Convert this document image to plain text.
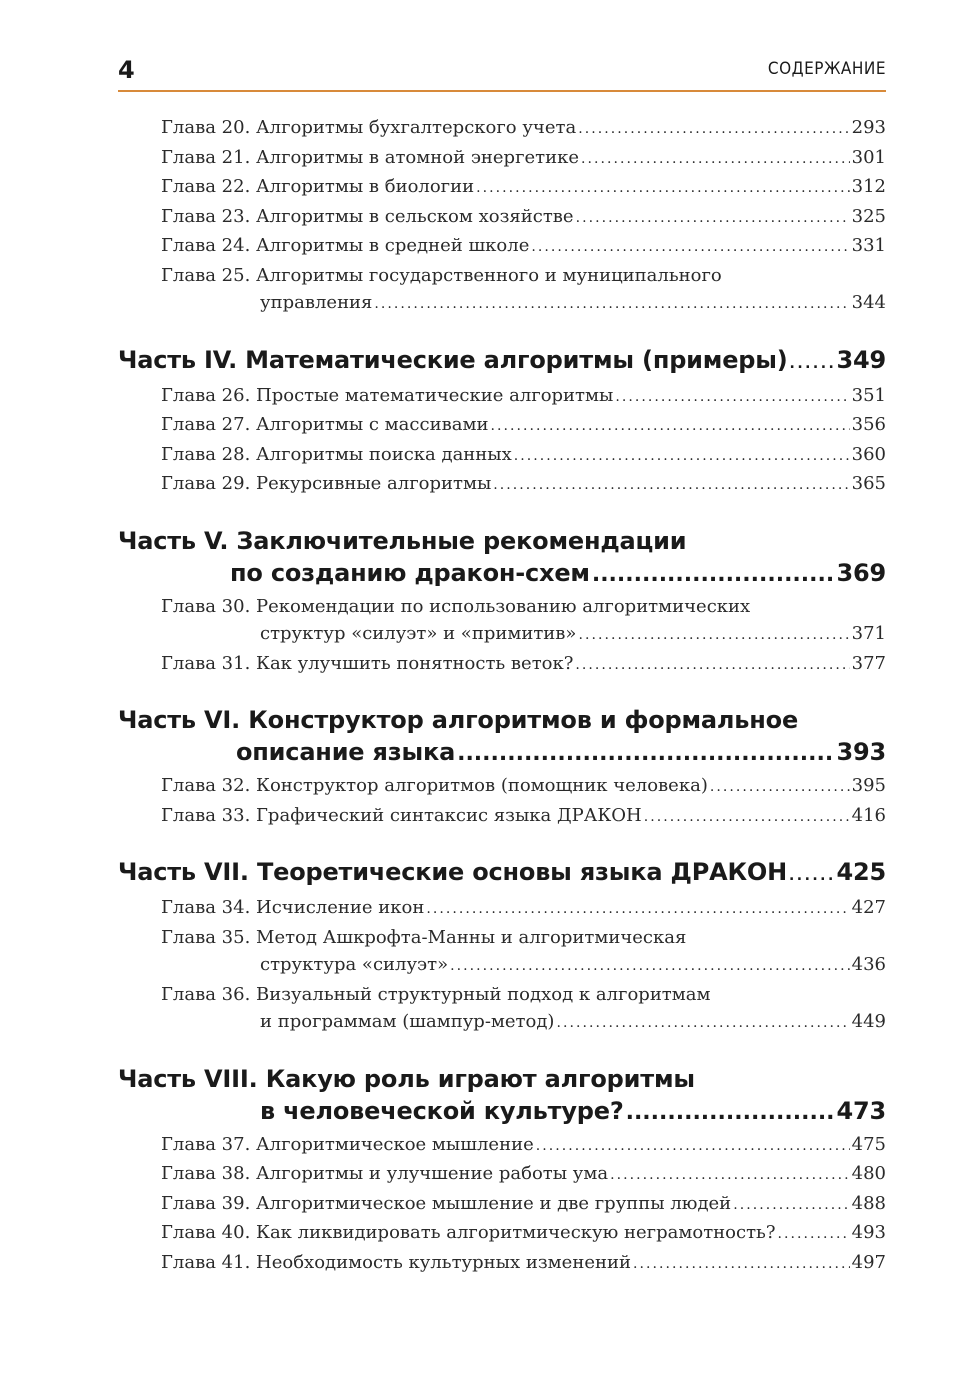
4	СОДЕРЖАНИЕ
Глава 20. Алгоритмы бухгалтерского учета . . .	293
Глава 21. Алгоритмы в атомной энергетике . . .	301
Глава 22. Алгоритмы в биологии . . .	312
Глава 23. Алгоритмы в сельском хозяйстве . . .	325
Глава 24. Алгоритмы в средней школе . . .	331
Глава 25. Алгоритмы государственного и муниципального
управления . . .	344
Часть IV. Математические алгоритмы (примеры) . . . 349
Глава 26. Простые математические алгоритмы . . .	351
Глава 27. Алгоритмы с массивами . . .	356
Глава 28. Алгоритмы поиска данных . . .	360
Глава 29. Рекурсивные алгоритмы . . .	365
Часть V. Заключительные рекомендации
по созданию дракон-схем .....	369
Глава 30. Рекомендации по использованию алгоритмических
структур «силуэт» и «примитив» . . .	371
Глава 31. Как улучшить понятность веток? . . .	377
Часть VI. Конструктор алгоритмов и формальное
описание языка .....	393
Глава 32. Конструктор алгоритмов (помощник человека) . . .	395
Глава 33. Графический синтаксис языка ДРАКОН . . .	416
Часть VII. Теоретические основы языка ДРАКОН . . . 425
Глава 34. Исчисление икон . . .	427
Глава 35. Метод Ашкрофта-Манны и алгоритмическая
структура «силуэт» . . .	436
Глава 36. Визуальный структурный подход к алгоритмам
и программам (шампур-метод) . . .	449
Часть VIII. Какую роль играют алгоритмы
в человеческой культуре? .....	473
Глава 37. Алгоритмическое мышление . . .	475
Глава 38. Алгоритмы и улучшение работы ума . . .	480
Глава 39. Алгоритмическое мышление и две группы людей . . .	488
Глава 40. Как ликвидировать алгоритмическую неграмотность? . . .	493
Глава 41. Необходимость культурных изменений . . .	497
